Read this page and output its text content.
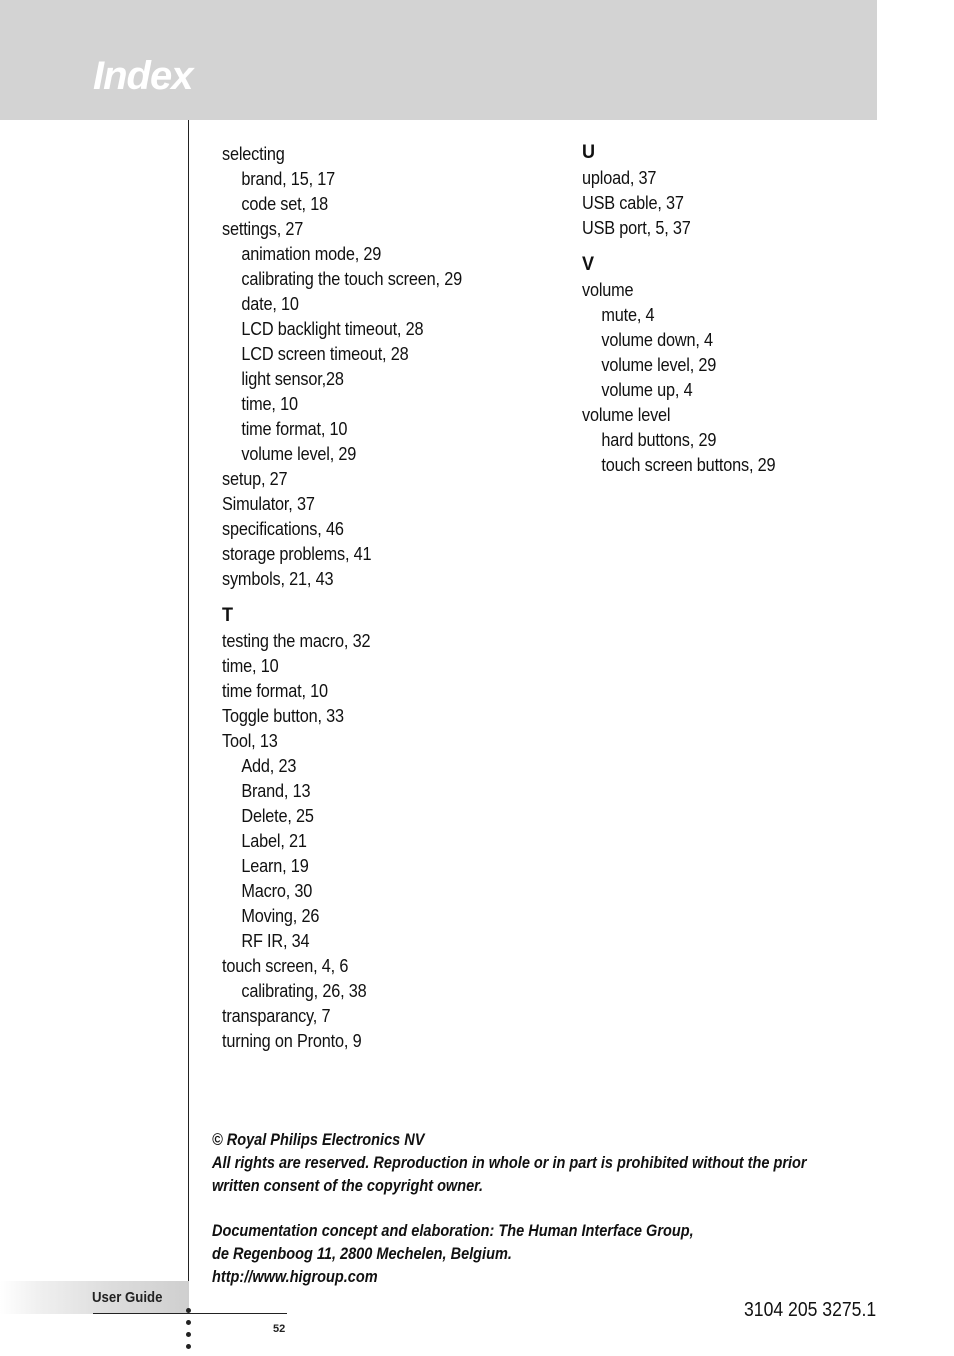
Index
selecting
brand, 15, 17
code set, 18
settings, 27
animation mode, 29
calibrating the touch screen, 29
date, 10
LCD backlight timeout, 28
LCD screen timeout, 28
light sensor,28
time, 10
time format, 10
volume level, 29
setup, 27
Simulator, 37
specifications, 46
storage problems, 41
symbols, 21, 43
T
testing the macro, 32
time, 10
time format, 10
Toggle button, 33
Tool, 13
Add, 23
Brand, 13
Delete, 25
Label, 21
Learn, 19
Macro, 30
Moving, 26
RF IR, 34
touch screen, 4, 6
calibrating, 26, 38
transparancy, 7
turning on Pronto, 9
U
upload, 37
USB cable, 37
USB port, 5, 37
V
volume
mute, 4
volume down, 4
volume level, 29
volume up, 4
volume level
hard buttons, 29
touch screen buttons, 29
© Royal Philips Electronics NV
All rights are reserved. Reproduction in whole or in part is prohibited without the prior
written consent of the copyright owner.
Documentation concept and elaboration: The Human Interface Group,
de Regenboog 11, 2800 Mechelen, Belgium.
http://www.higroup.com
3104 205 3275.1
User Guide
52
